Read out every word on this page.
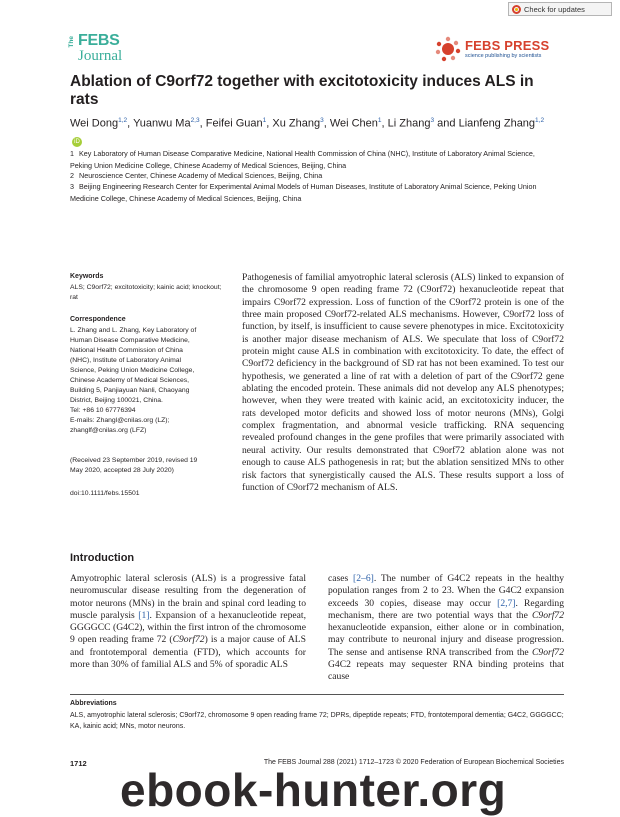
Check for updates
The FEBS
Journal
FEBS PRESS
science publishing by scientists
Ablation of C9orf72 together with excitotoxicity induces ALS in rats
Wei Dong$^{1,2}$, Yuanwu Ma$^{2,3}$, Feifei Guan$^1$, Xu Zhang$^3$, Wei Chen$^1$, Li Zhang$^3$ and Lianfeng Zhang$^{1,2}$iD
1 Key Laboratory of Human Disease Comparative Medicine, National Health Commission of China (NHC), Institute of Laboratory Animal Science, Peking Union Medicine College, Chinese Academy of Medical Sciences, Beijing, China
2 Neuroscience Center, Chinese Academy of Medical Sciences, Beijing, China
3 Beijing Engineering Research Center for Experimental Animal Models of Human Diseases, Institute of Laboratory Animal Science, Peking Union Medicine College, Chinese Academy of Medical Sciences, Beijing, China
Keywords
ALS; C9orf72; excitotoxicity; kainic acid; knockout; rat
Correspondence
L. Zhang and L. Zhang, Key Laboratory of
Human Disease Comparative Medicine,
National Health Commission of China
(NHC), Institute of Laboratory Animal
Science, Peking Union Medicine College,
Chinese Academy of Medical Sciences,
Building 5, Panjiayuan Nanli, Chaoyang
District, Beijing 100021, China.
Tel: +86 10 67776394
E-mails: Zhangl@cnilas.org (LZ);
zhanglf@cnilas.org (LFZ)
(Received 23 September 2019, revised 19
May 2020, accepted 28 July 2020)
doi:10.1111/febs.15501
Pathogenesis of familial amyotrophic lateral sclerosis (ALS) linked to expansion of the chromosome 9 open reading frame 72 (C9orf72) hexanucleotide repeat that impairs C9orf72 expression. Loss of function of the C9orf72 protein is one of the three main proposed C9orf72-related ALS mechanisms. However, C9orf72 loss of function, by itself, is insufficient to cause severe phenotypes in mice. Excitotoxicity is another major disease mechanism of ALS. We speculate that loss of C9orf72 protein might cause ALS in combination with excitotoxicity. To date, the effect of C9orf72 deficiency in the background of SD rat has not been examined. To test our hypothesis, we generated a line of rat with a deletion of part of the C9orf72 gene ablating the encoded protein. These animals did not develop any ALS phenotypes; however, when they were treated with kainic acid, an excitotoxicity inducer, the rats developed motor deficits and showed loss of motor neurons (MNs), Golgi complex fragmentation, and abnormal vesicle trafficking. RNA sequencing revealed profound changes in the gene profiles that were primarily associated with neural activity. Our results demonstrated that C9orf72 ablation alone was not enough to cause ALS pathogenesis in rat; but the ablation sensitized MNs to other risk factors that synergistically caused the ALS. These results support a loss of function of C9orf72 mechanism of ALS.
Introduction
Amyotrophic lateral sclerosis (ALS) is a progressive fatal neuromuscular disease resulting from the degeneration of motor neurons (MNs) in the brain and spinal cord leading to muscle paralysis [1]. Expansion of a hexanucleotide repeat, GGGGCC (G4C2), within the first intron of the chromosome 9 open reading frame 72 (C9orf72) is a major cause of ALS and frontotemporal dementia (FTD), which accounts for more than 30% of familial ALS and 5% of sporadic ALS
cases [2–6]. The number of G4C2 repeats in the healthy population ranges from 2 to 23. When the G4C2 expansion exceeds 30 copies, disease may occur [2,7]. Regarding mechanism, there are two potential ways that the C9orf72 hexanucleotide expansion, either alone or in combination, may contribute to neuronal injury and disease progression. The sense and antisense RNA transcribed from the C9orf72 G4C2 repeats may sequester RNA binding proteins that cause
Abbreviations
ALS, amyotrophic lateral sclerosis; C9orf72, chromosome 9 open reading frame 72; DPRs, dipeptide repeats; FTD, frontotemporal dementia; G4C2, GGGGCC; KA, kainic acid; MNs, motor neurons.
1712	The FEBS Journal 288 (2021) 1712–1723 © 2020 Federation of European Biochemical Societies
ebook-hunter.org
